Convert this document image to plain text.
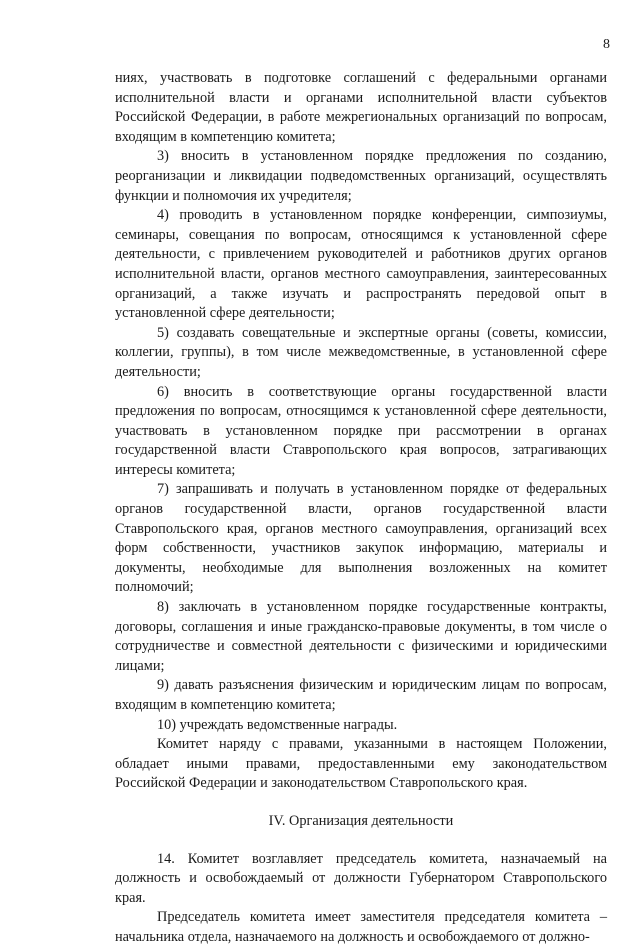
8

ниях, участвовать в подготовке соглашений с федеральными органами исполнительной власти и органами исполнительной власти субъектов Российской Федерации, в работе межрегиональных организаций по вопросам, входящим в компетенцию комитета;

3) вносить в установленном порядке предложения по созданию, реорганизации и ликвидации подведомственных организаций, осуществлять функции и полномочия их учредителя;

4) проводить в установленном порядке конференции, симпозиумы, семинары, совещания по вопросам, относящимся к установленной сфере деятельности, с привлечением руководителей и работников других органов исполнительной власти, органов местного самоуправления, заинтересованных организаций, а также изучать и распространять передовой опыт в установленной сфере деятельности;

5) создавать совещательные и экспертные органы (советы, комиссии, коллегии, группы), в том числе межведомственные, в установленной сфере деятельности;

6) вносить в соответствующие органы государственной власти предложения по вопросам, относящимся к установленной сфере деятельности, участвовать в установленном порядке при рассмотрении в органах государственной власти Ставропольского края вопросов, затрагивающих интересы комитета;

7) запрашивать и получать в установленном порядке от федеральных органов государственной власти, органов государственной власти Ставропольского края, органов местного самоуправления, организаций всех форм собственности, участников закупок информацию, материалы и документы, необходимые для выполнения возложенных на комитет полномочий;

8) заключать в установленном порядке государственные контракты, договоры, соглашения и иные гражданско-правовые документы, в том числе о сотрудничестве и совместной деятельности с физическими и юридическими лицами;

9) давать разъяснения физическим и юридическим лицам по вопросам, входящим в компетенцию комитета;

10) учреждать ведомственные награды.

Комитет наряду с правами, указанными в настоящем Положении, обладает иными правами, предоставленными ему законодательством Российской Федерации и законодательством Ставропольского края.

IV. Организация деятельности

14. Комитет возглавляет председатель комитета, назначаемый на должность и освобождаемый от должности Губернатором Ставропольского края.

Председатель комитета имеет заместителя председателя комитета – начальника отдела, назначаемого на должность и освобождаемого от должно-
